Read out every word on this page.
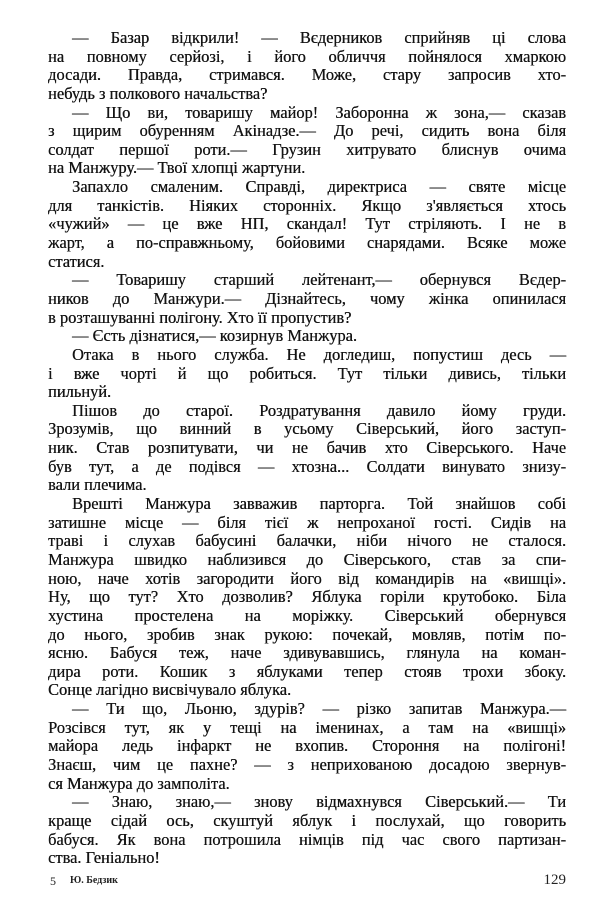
— Базар відкрили! — Вєдерников сприйняв ці слова
на повному серйозі, і його обличчя пойнялося хмаркою
досади. Правда, стримався. Може, стару запросив хто-
небудь з полкового начальства?
— Що ви, товаришу майор! Заборонна ж зона,— сказав
з щирим обуренням Акінадзе.— До речі, сидить вона біля
солдат першої роти.— Грузин хитрувато блиснув очима
на Манжуру.— Твої хлопці жартуни.
Запахло смаленим. Справді, директриса — святе місце
для танкістів. Ніяких сторонніх. Якщо з'являється хтось
«чужий» — це вже НП, скандал! Тут стріляють. І не в
жарт, а по-справжньому, бойовими снарядами. Всяке може
статися.
— Товаришу старший лейтенант,— обернувся Вєдер-
ников до Манжури.— Дізнайтесь, чому жінка опинилася
в розташуванні полігону. Хто її пропустив?
— Єсть дізнатися,— козирнув Манжура.
Отака в нього служба. Не догледиш, попустиш десь —
і вже чорті й що робиться. Тут тільки дивись, тільки
пильнуй.
Пішов до старої. Роздратування давило йому груди.
Зрозумів, що винний в усьому Сіверський, його заступ-
ник. Став розпитувати, чи не бачив хто Сіверського. Наче
був тут, а де подівся — хтозна... Солдати винувато знизу-
вали плечима.
Врешті Манжура завважив парторга. Той знайшов собі
затишне місце — біля тієї ж непроханої гості. Сидів на
траві і слухав бабусині балачки, ніби нічого не сталося.
Манжура швидко наблизився до Сіверського, став за спи-
ною, наче хотів загородити його від командирів на «вишці».
Ну, що тут? Хто дозволив? Яблука горіли крутобоко. Біла
хустина простелена на моріжку. Сіверський обернувся
до нього, зробив знак рукою: почекай, мовляв, потім по-
ясню. Бабуся теж, наче здивувавшись, глянула на коман-
дира роти. Кошик з яблуками тепер стояв трохи збоку.
Сонце лагідно висвічувало яблука.
— Ти що, Льоню, здурів? — різко запитав Манжура.—
Розсівся тут, як у тещі на іменинах, а там на «вишці»
майора ледь інфаркт не вхопив. Стороння на полігоні!
Знаєш, чим це пахне? — з неприхованою досадою звернув-
ся Манжура до замполіта.
— Знаю, знаю,— знову відмахнувся Сіверський.— Ти
краще сідай ось, скуштуй яблук і послухай, що говорить
бабуся. Як вона потрошила німців під час свого партизан-
ства. Геніально!
5 Ю. Бедзик	129
